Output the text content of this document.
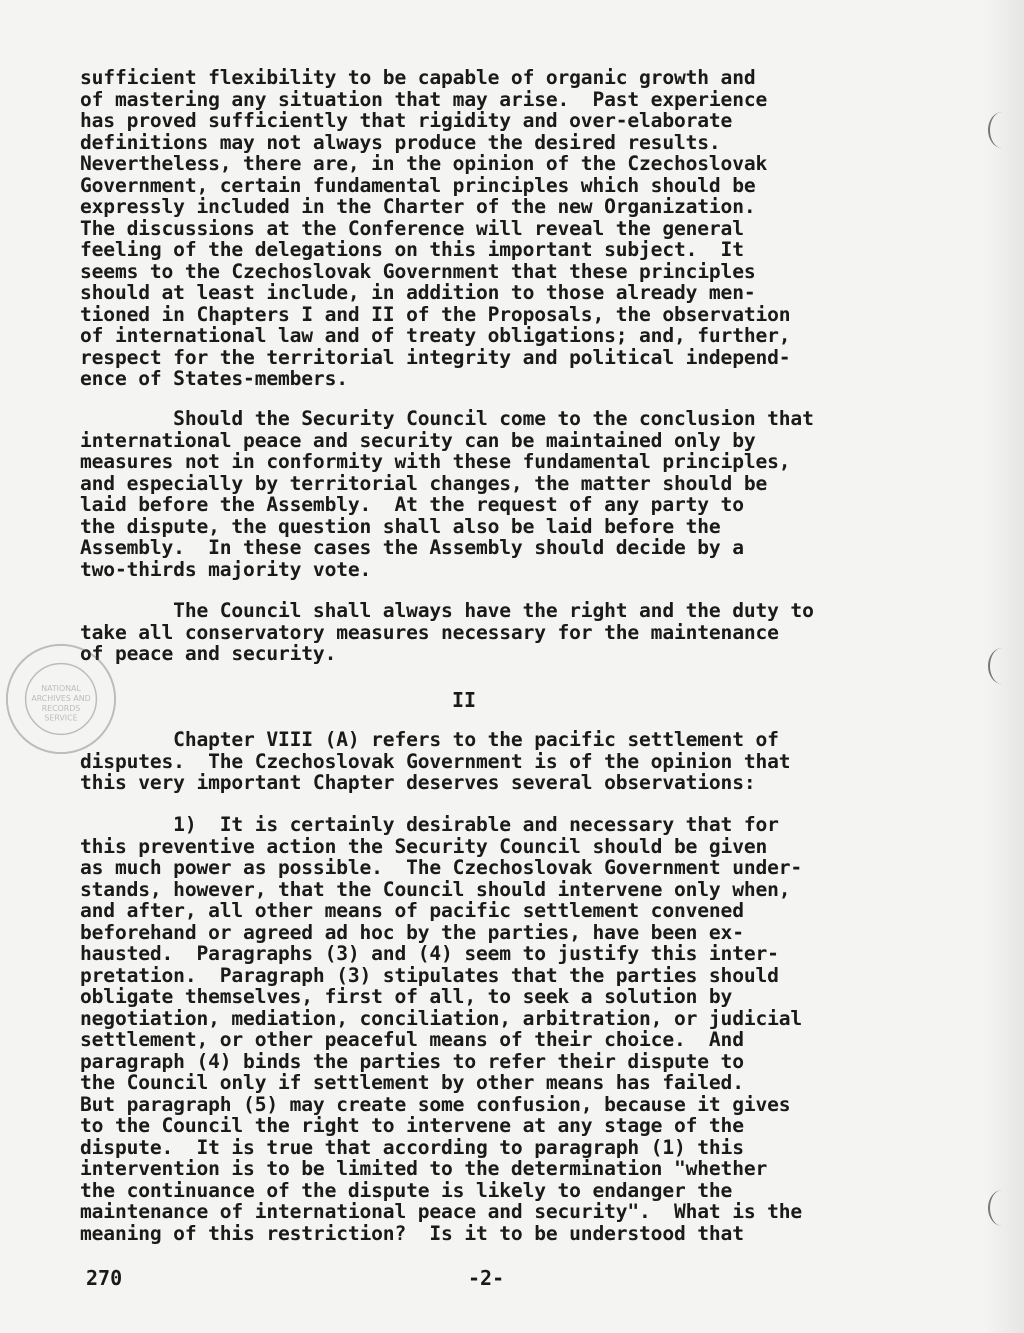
sufficient flexibility to be capable of organic growth and
of mastering any situation that may arise.  Past experience
has proved sufficiently that rigidity and over-elaborate
definitions may not always produce the desired results.
Nevertheless, there are, in the opinion of the Czechoslovak
Government, certain fundamental principles which should be
expressly included in the Charter of the new Organization.
The discussions at the Conference will reveal the general
feeling of the delegations on this important subject.  It
seems to the Czechoslovak Government that these principles
should at least include, in addition to those already men-
tioned in Chapters I and II of the Proposals, the observation
of international law and of treaty obligations; and, further,
respect for the territorial integrity and political independ-
ence of States-members.
Should the Security Council come to the conclusion that
international peace and security can be maintained only by
measures not in conformity with these fundamental principles,
and especially by territorial changes, the matter should be
laid before the Assembly.  At the request of any party to
the dispute, the question shall also be laid before the
Assembly.  In these cases the Assembly should decide by a
two-thirds majority vote.
The Council shall always have the right and the duty to
take all conservatory measures necessary for the maintenance
of peace and security.
II
Chapter VIII (A) refers to the pacific settlement of
disputes.  The Czechoslovak Government is of the opinion that
this very important Chapter deserves several observations:
1)  It is certainly desirable and necessary that for
this preventive action the Security Council should be given
as much power as possible.  The Czechoslovak Government under-
stands, however, that the Council should intervene only when,
and after, all other means of pacific settlement convened
beforehand or agreed ad hoc by the parties, have been ex-
hausted.  Paragraphs (3) and (4) seem to justify this inter-
pretation.  Paragraph (3) stipulates that the parties should
obligate themselves, first of all, to seek a solution by
negotiation, mediation, conciliation, arbitration, or judicial
settlement, or other peaceful means of their choice.  And
paragraph (4) binds the parties to refer their dispute to
the Council only if settlement by other means has failed.
But paragraph (5) may create some confusion, because it gives
to the Council the right to intervene at any stage of the
dispute.  It is true that according to paragraph (1) this
intervention is to be limited to the determination "whether
the continuance of the dispute is likely to endanger the
maintenance of international peace and security".  What is the
meaning of this restriction?  Is it to be understood that
270	-2-
NATIONAL
ARCHIVES AND
RECORDS
SERVICE
